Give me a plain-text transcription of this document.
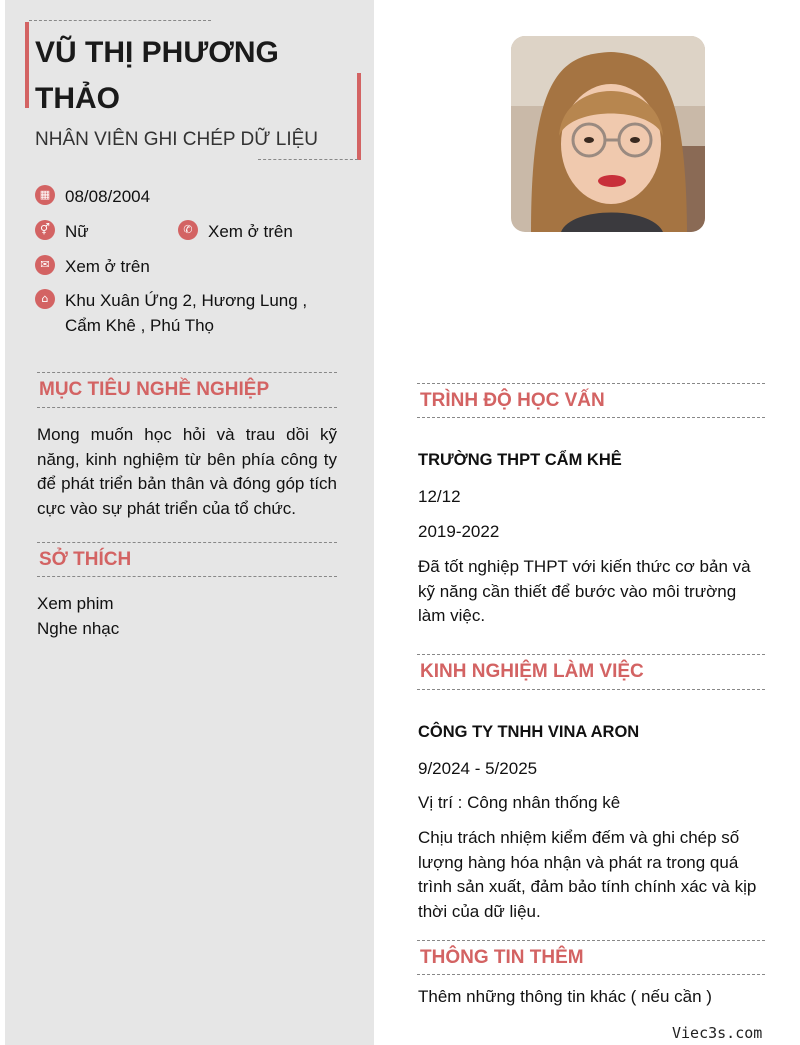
VŨ THỊ PHƯƠNG THẢO
NHÂN VIÊN GHI CHÉP DỮ LIỆU
▦ 08/08/2004
⚥ Nữ	✆ Xem ở trên
✉ Xem ở trên
⌂ Khu Xuân Ứng 2, Hương Lung ,
Cẩm Khê , Phú Thọ
MỤC TIÊU NGHỀ NGHIỆP
Mong muốn học hỏi và trau dồi kỹ
năng, kinh nghiệm từ bên phía công ty
để phát triển bản thân và đóng góp tích
cực vào sự phát triển của tổ chức.
SỞ THÍCH
Xem phim
Nghe nhạc
TRÌNH ĐỘ HỌC VẤN
TRƯỜNG THPT CẨM KHÊ
12/12
2019-2022
Đã tốt nghiệp THPT với kiến thức cơ bản và
kỹ năng cần thiết để bước vào môi trường
làm việc.
KINH NGHIỆM LÀM VIỆC
CÔNG TY TNHH VINA ARON
9/2024 - 5/2025
Vị trí : Công nhân thống kê
Chịu trách nhiệm kiểm đếm và ghi chép số
lượng hàng hóa nhận và phát ra trong quá
trình sản xuất, đảm bảo tính chính xác và kịp
thời của dữ liệu.
THÔNG TIN THÊM
Thêm những thông tin khác ( nếu cần )
Viec3s.com
